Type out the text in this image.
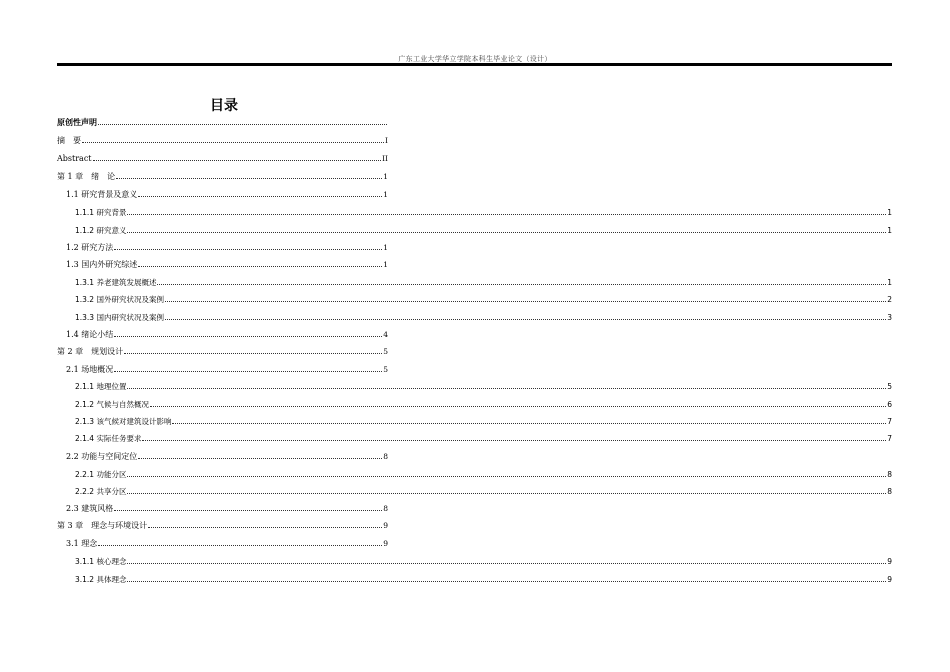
广东工业大学华立学院本科生毕业论文（设计）
目录
原创性声明
摘　要	I
Abstract	II
第 1 章　绪　论	1
1.1 研究背景及意义	1
1.1.1 研究背景	1
1.1.2 研究意义	1
1.2 研究方法	1
1.3 国内外研究综述	1
1.3.1 养老建筑发展概述	1
1.3.2 国外研究状况及案例	2
1.3.3 国内研究状况及案例	3
1.4 绪论小结	4
第 2 章　规划设计	5
2.1 场地概况	5
2.1.1 地理位置	5
2.1.2 气候与自然概况	6
2.1.3 该气候对建筑设计影响	7
2.1.4 实际任务要求	7
2.2 功能与空间定位	8
2.2.1 功能分区	8
2.2.2 共享分区	8
2.3 建筑风格	8
第 3 章　理念与环境设计	9
3.1 理念	9
3.1.1 核心理念	9
3.1.2 具体理念	9
